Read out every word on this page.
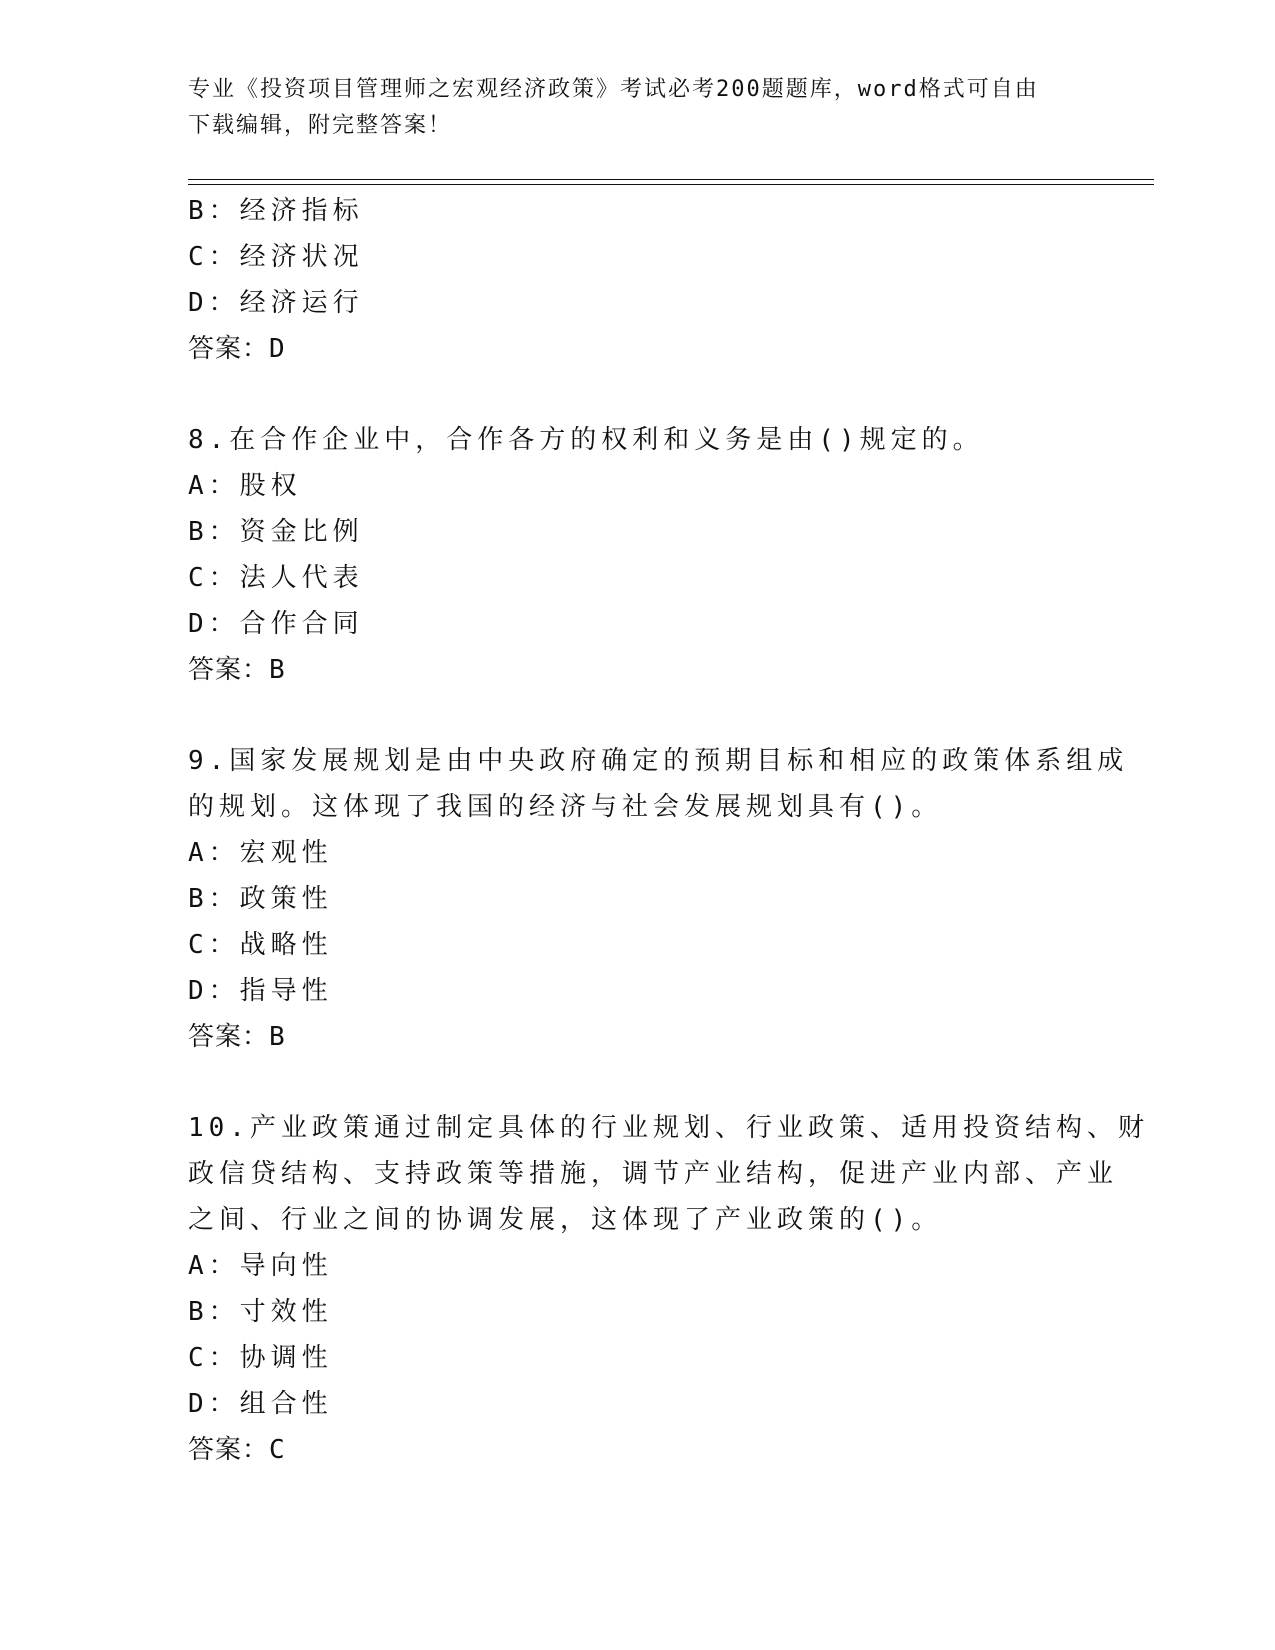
专业《投资项目管理师之宏观经济政策》考试必考200题题库，word格式可自由
下载编辑，附完整答案！
B：经济指标
C：经济状况
D：经济运行
答案：D
8.在合作企业中，合作各方的权利和义务是由()规定的。
A：股权
B：资金比例
C：法人代表
D：合作合同
答案：B
9.国家发展规划是由中央政府确定的预期目标和相应的政策体系组成
的规划。这体现了我国的经济与社会发展规划具有()。
A：宏观性
B：政策性
C：战略性
D：指导性
答案：B
10.产业政策通过制定具体的行业规划、行业政策、适用投资结构、财
政信贷结构、支持政策等措施，调节产业结构，促进产业内部、产业
之间、行业之间的协调发展，这体现了产业政策的()。
A：导向性
B：寸效性
C：协调性
D：组合性
答案：C
